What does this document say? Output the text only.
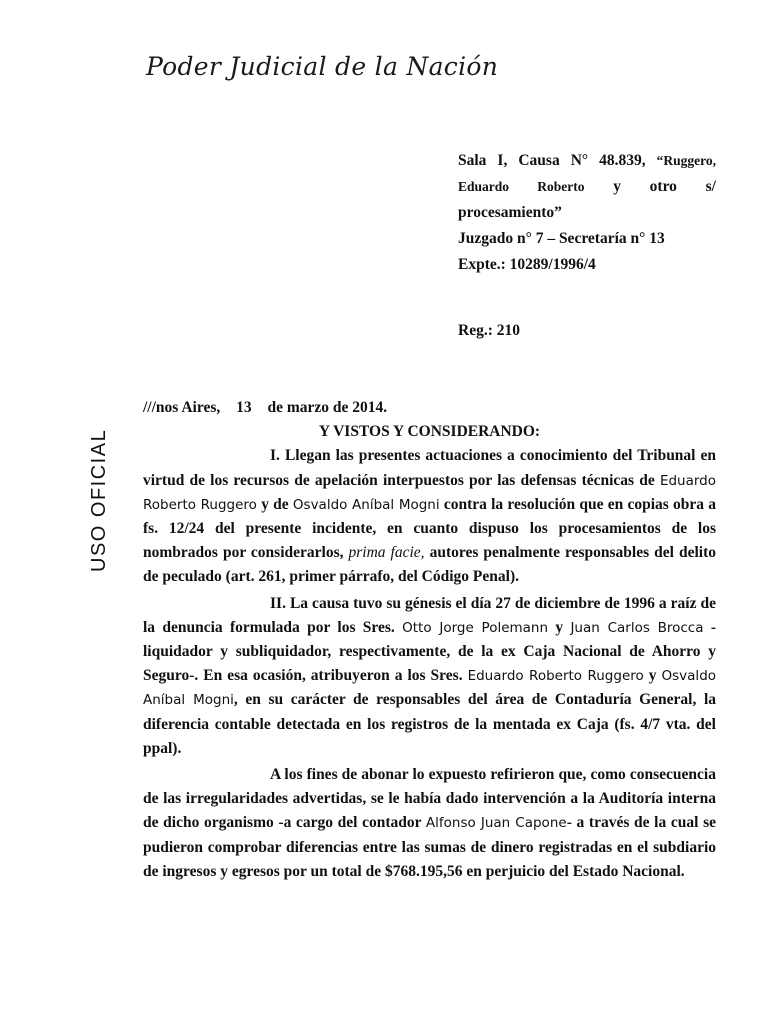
Poder Judicial de la Nación
USO OFICIAL
Sala I, Causa N° 48.839, “Ruggero,
Eduardo Roberto y otro s/
procesamiento”
Juzgado n° 7 – Secretaría n° 13
Expte.: 10289/1996/4
Reg.: 210

///nos Aires, 13 de marzo de 2014.

Y VISTOS Y CONSIDERANDO:

I. Llegan las presentes actuaciones a conocimiento del Tribunal en virtud de los recursos de apelación interpuestos por las defensas técnicas de Eduardo Roberto Ruggero y de Osvaldo Aníbal Mogni contra la resolución que en copias obra a fs. 12/24 del presente incidente, en cuanto dispuso los procesamientos de los nombrados por considerarlos, prima facie, autores penalmente responsables del delito de peculado (art. 261, primer párrafo, del Código Penal).

II. La causa tuvo su génesis el día 27 de diciembre de 1996 a raíz de la denuncia formulada por los Sres. Otto Jorge Polemann y Juan Carlos Brocca -liquidador y subliquidador, respectivamente, de la ex Caja Nacional de Ahorro y Seguro-. En esa ocasión, atribuyeron a los Sres. Eduardo Roberto Ruggero y Osvaldo Aníbal Mogni, en su carácter de responsables del área de Contaduría General, la diferencia contable detectada en los registros de la mentada ex Caja (fs. 4/7 vta. del ppal).

A los fines de abonar lo expuesto refirieron que, como consecuencia de las irregularidades advertidas, se le había dado intervención a la Auditoría interna de dicho organismo -a cargo del contador Alfonso Juan Capone- a través de la cual se pudieron comprobar diferencias entre las sumas de dinero registradas en el subdiario de ingresos y egresos por un total de $768.195,56 en perjuicio del Estado Nacional.
